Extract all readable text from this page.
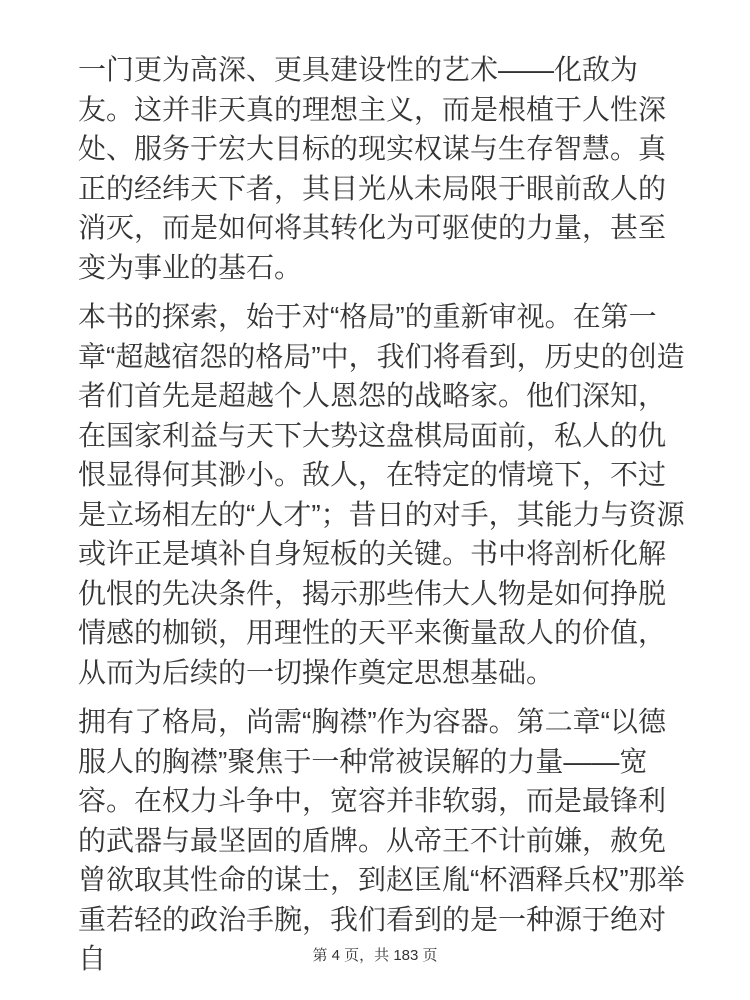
一门更为高深、更具建设性的艺术——化敌为友。这并非天真的理想主义，而是根植于人性深处、服务于宏大目标的现实权谋与生存智慧。真正的经纬天下者，其目光从未局限于眼前敌人的消灭，而是如何将其转化为可驱使的力量，甚至变为事业的基石。

本书的探索，始于对“格局”的重新审视。在第一章“超越宿怨的格局”中，我们将看到，历史的创造者们首先是超越个人恩怨的战略家。他们深知，在国家利益与天下大势这盘棋局面前，私人的仇恨显得何其渺小。敌人，在特定的情境下，不过是立场相左的“人才”；昔日的对手，其能力与资源或许正是填补自身短板的关键。书中将剖析化解仇恨的先决条件，揭示那些伟大人物是如何挣脱情感的枷锁，用理性的天平来衡量敌人的价值，从而为后续的一切操作奠定思想基础。

拥有了格局，尚需“胸襟”作为容器。第二章“以德服人的胸襟”聚焦于一种常被误解的力量——宽容。在权力斗争中，宽容并非软弱，而是最锋利的武器与最坚固的盾牌。从帝王不计前嫌，赦免曾欲取其性命的谋士，到赵匡胤“杯酒释兵权”那举重若轻的政治手腕，我们看到的是一种源于绝对自	第 4 页，共 183 页
